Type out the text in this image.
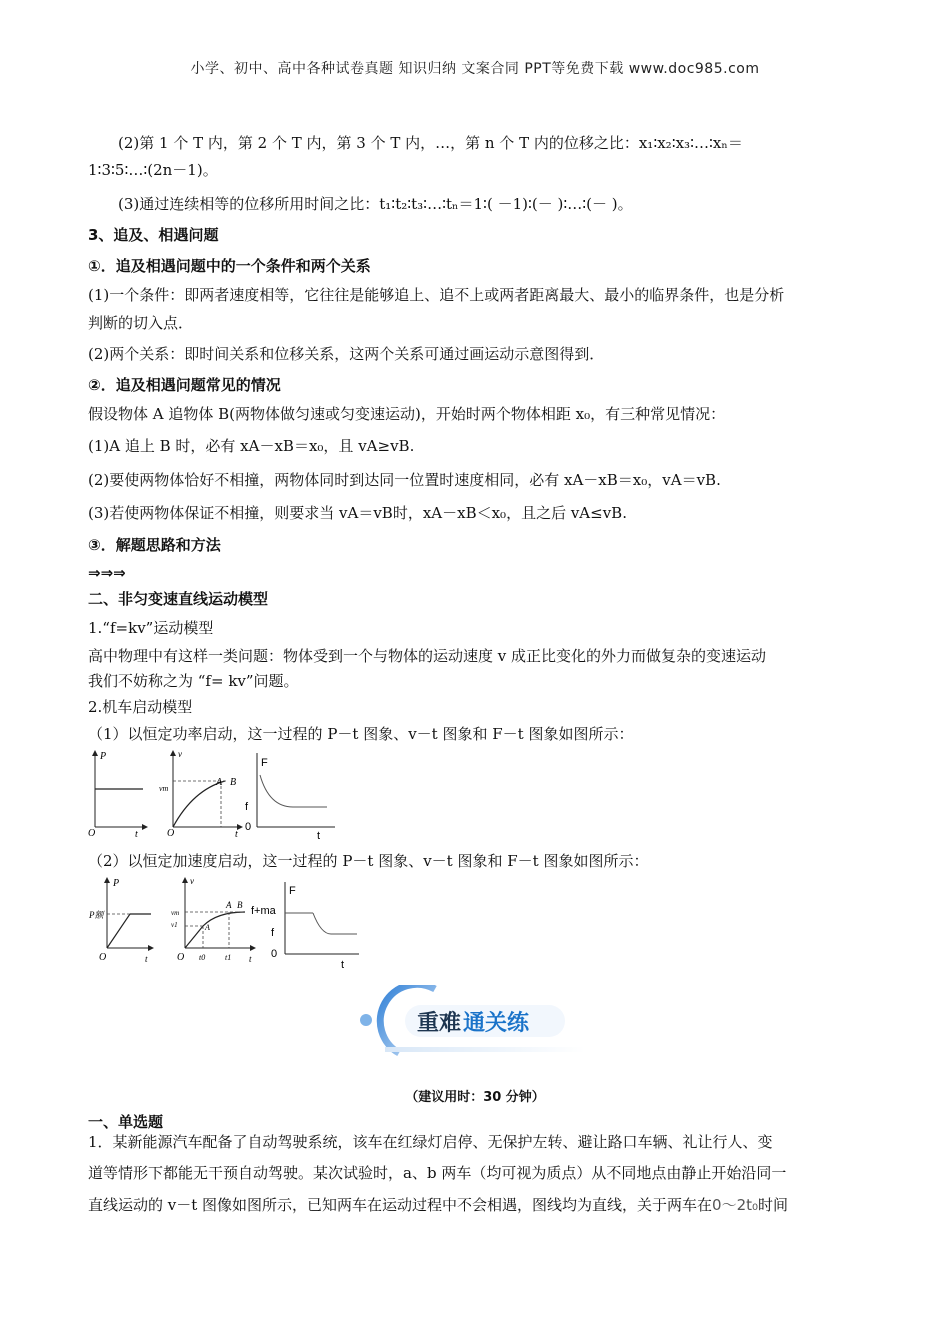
小学、初中、高中各种试卷真题 知识归纳 文案合同 PPT等免费下载 www.doc985.com
(2)第 1 个 T 内，第 2 个 T 内，第 3 个 T 内，…，第 n 个 T 内的位移之比：x₁∶x₂∶x₃∶…∶xₙ＝
1∶3∶5∶…∶(2n－1)。
(3)通过连续相等的位移所用时间之比：t₁∶t₂∶t₃∶…∶tₙ＝1∶( －1)∶(－ )∶…∶(－ )。
3、追及、相遇问题
①．追及相遇问题中的一个条件和两个关系
(1)一个条件：即两者速度相等，它往往是能够追上、追不上或两者距离最大、最小的临界条件，也是分析
判断的切入点．
(2)两个关系：即时间关系和位移关系，这两个关系可通过画运动示意图得到．
②．追及相遇问题常见的情况
假设物体 A 追物体 B(两物体做匀速或匀变速运动)，开始时两个物体相距 x₀，有三种常见情况：
(1)A 追上 B 时，必有 xA－xB＝x₀，且 vA≥vB.
(2)要使两物体恰好不相撞，两物体同时到达同一位置时速度相同，必有 xA－xB＝x₀，vA＝vB.
(3)若使两物体保证不相撞，则要求当 vA＝vB时，xA－xB＜x₀，且之后 vA≤vB.
③．解题思路和方法
⇒⇒⇒
二、非匀变速直线运动模型
1.“f=kv”运动模型
高中物理中有这样一类问题：物体受到一个与物体的运动速度 v 成正比变化的外力而做复杂的变速运动
我们不妨称之为 “f= kv”问题。
2.机车启动模型
（1）以恒定功率启动，这一过程的 P－t 图象、v－t 图象和 F－t 图象如图所示：
P
O	t
v
vm
A B
O	t
F
f
0
t
（2）以恒定加速度启动，这一过程的 P－t 图象、v－t 图象和 F－t 图象如图所示：
P
P额
O	t
v
vm
v1	A
A B
O t0 t1 t
F
f+ma
f
0
t
重难 通关练
（建议用时：30 分钟）
一、单选题
1．某新能源汽车配备了自动驾驶系统，该车在红绿灯启停、无保护左转、避让路口车辆、礼让行人、变
道等情形下都能无干预自动驾驶。某次试验时，a、b 两车（均可视为质点）从不同地点由静止开始沿同一
直线运动的 v－t 图像如图所示，已知两车在运动过程中不会相遇，图线均为直线，关于两车在0～2t₀时间
